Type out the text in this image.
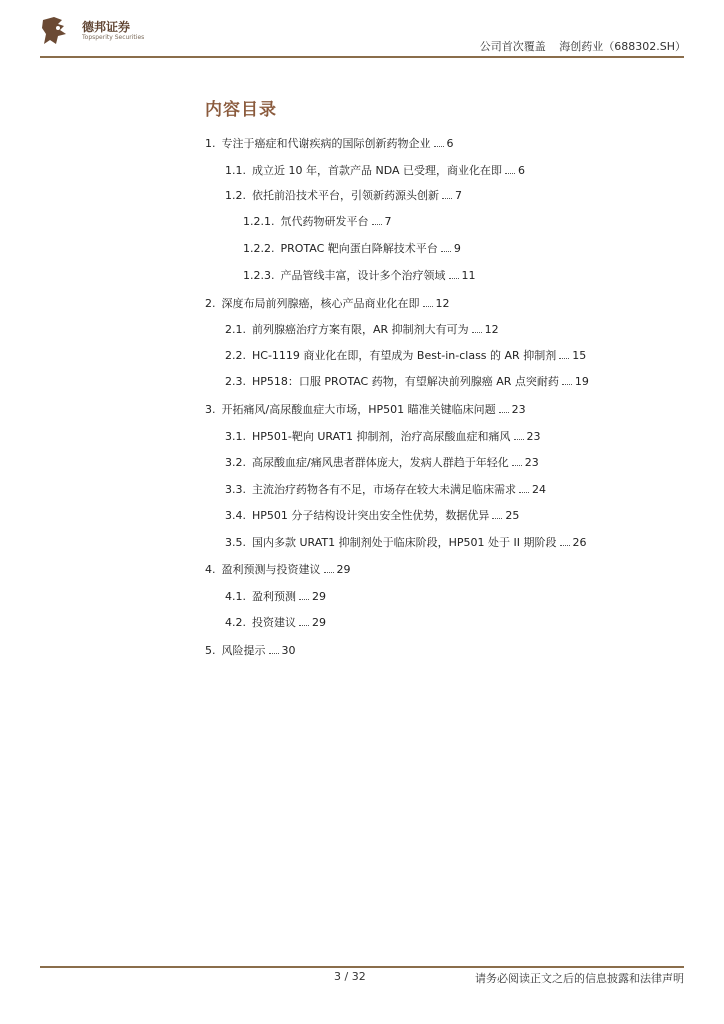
德邦证券
Topsperity Securities
公司首次覆盖 海创药业（688302.SH）
内容目录
1. 专注于癌症和代谢疾病的国际创新药物企业 6
1.1. 成立近 10 年，首款产品 NDA 已受理，商业化在即 6
1.2. 依托前沿技术平台，引领新药源头创新 7
1.2.1. 氘代药物研发平台 7
1.2.2. PROTAC 靶向蛋白降解技术平台 9
1.2.3. 产品管线丰富，设计多个治疗领域 11
2. 深度布局前列腺癌，核心产品商业化在即 12
2.1. 前列腺癌治疗方案有限，AR 抑制剂大有可为 12
2.2. HC-1119 商业化在即，有望成为 Best-in-class 的 AR 抑制剂 15
2.3. HP518：口服 PROTAC 药物，有望解决前列腺癌 AR 点突耐药 19
3. 开拓痛风/高尿酸血症大市场，HP501 瞄准关键临床问题 23
3.1. HP501-靶向 URAT1 抑制剂，治疗高尿酸血症和痛风 23
3.2. 高尿酸血症/痛风患者群体庞大，发病人群趋于年轻化 23
3.3. 主流治疗药物各有不足，市场存在较大未满足临床需求 24
3.4. HP501 分子结构设计突出安全性优势，数据优异 25
3.5. 国内多款 URAT1 抑制剂处于临床阶段，HP501 处于 II 期阶段 26
4. 盈利预测与投资建议 29
4.1. 盈利预测 29
4.2. 投资建议 29
5. 风险提示 30
3 / 32	请务必阅读正文之后的信息披露和法律声明
